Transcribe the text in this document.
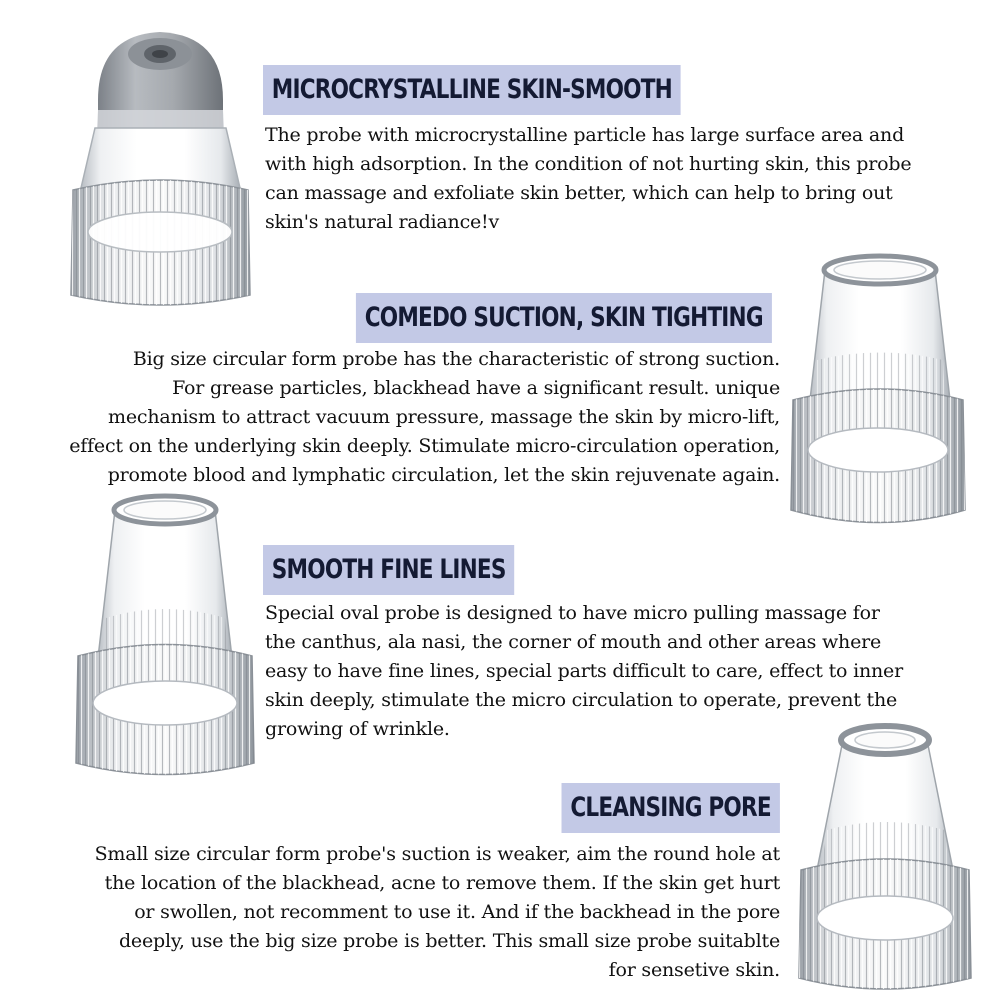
MICROCRYSTALLINE SKIN-SMOOTH
The probe with microcrystalline particle has large surface area and
with high adsorption. In the condition of not hurting skin, this probe
can massage and exfoliate skin better, which can help to bring out
skin's natural radiance!v
COMEDO SUCTION, SKIN TIGHTING
Big size circular form probe has the characteristic of strong suction.
For grease particles, blackhead have a significant result. unique
mechanism to attract vacuum pressure, massage the skin by micro-lift,
effect on the underlying skin deeply. Stimulate micro-circulation operation,
promote blood and lymphatic circulation, let the skin rejuvenate again.
SMOOTH FINE LINES
Special oval probe is designed to have micro pulling massage for
the canthus, ala nasi, the corner of mouth and other areas where
easy to have fine lines, special parts difficult to care, effect to inner
skin deeply, stimulate the micro circulation to operate, prevent the
growing of wrinkle.
CLEANSING PORE
Small size circular form probe's suction is weaker, aim the round hole at
the location of the blackhead, acne to remove them. If the skin get hurt
or swollen, not recomment to use it. And if the backhead in the pore
deeply, use the big size probe is better. This small size probe suitablte
for sensetive skin.
